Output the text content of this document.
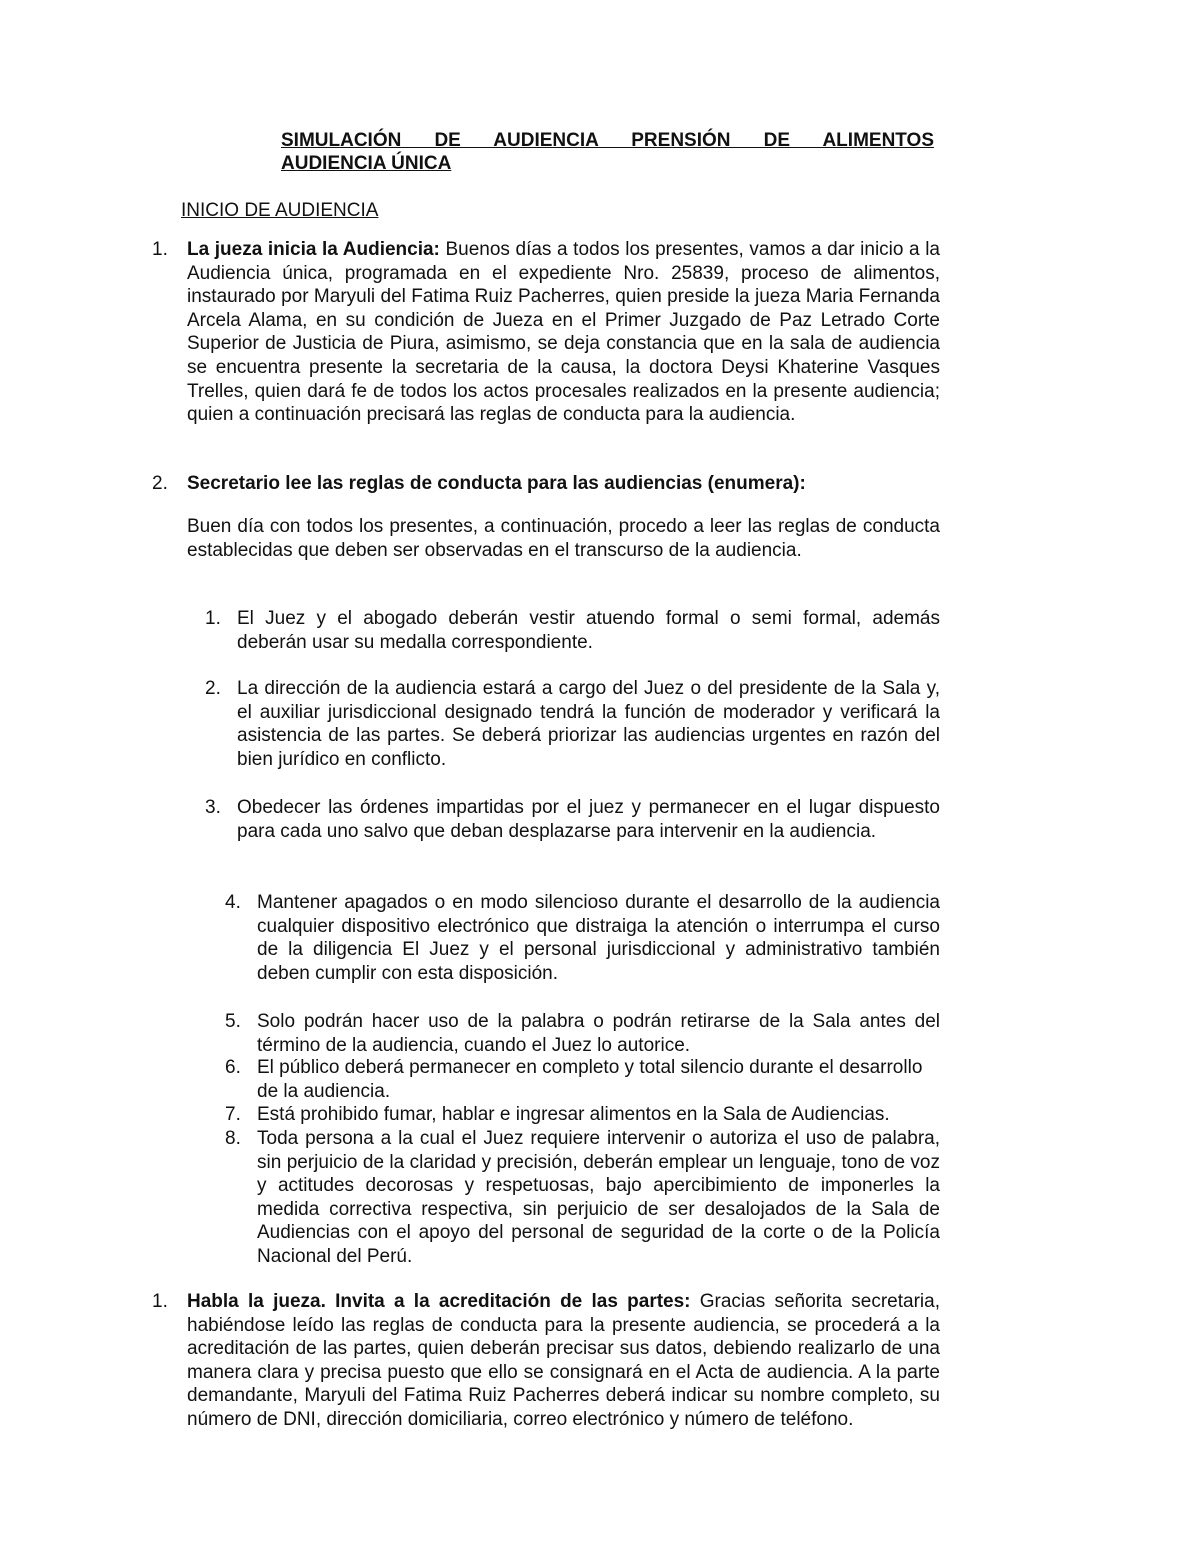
SIMULACIÓN DE AUDIENCIA PRENSIÓN DE ALIMENTOS
AUDIENCIA ÚNICA

INICIO DE AUDIENCIA

1. La jueza inicia la Audiencia: Buenos días a todos los presentes, vamos a dar inicio a la Audiencia única, programada en el expediente Nro. 25839, proceso de alimentos, instaurado por Maryuli del Fatima Ruiz Pacherres, quien preside la jueza Maria Fernanda Arcela Alama, en su condición de Jueza en el Primer Juzgado de Paz Letrado Corte Superior de Justicia de Piura, asimismo, se deja constancia que en la sala de audiencia se encuentra presente la secretaria de la causa, la doctora Deysi Khaterine Vasques Trelles, quien dará fe de todos los actos procesales realizados en la presente audiencia; quien a continuación precisará las reglas de conducta para la audiencia.

2. Secretario lee las reglas de conducta para las audiencias (enumera):

Buen día con todos los presentes, a continuación, procedo a leer las reglas de conducta establecidas que deben ser observadas en el transcurso de la audiencia.

1. El Juez y el abogado deberán vestir atuendo formal o semi formal, además deberán usar su medalla correspondiente.

2. La dirección de la audiencia estará a cargo del Juez o del presidente de la Sala y, el auxiliar jurisdiccional designado tendrá la función de moderador y verificará la asistencia de las partes. Se deberá priorizar las audiencias urgentes en razón del bien jurídico en conflicto.

3. Obedecer las órdenes impartidas por el juez y permanecer en el lugar dispuesto para cada uno salvo que deban desplazarse para intervenir en la audiencia.

4. Mantener apagados o en modo silencioso durante el desarrollo de la audiencia cualquier dispositivo electrónico que distraiga la atención o interrumpa el curso de la diligencia El Juez y el personal jurisdiccional y administrativo también deben cumplir con esta disposición.

5. Solo podrán hacer uso de la palabra o podrán retirarse de la Sala antes del término de la audiencia, cuando el Juez lo autorice.

6. El público deberá permanecer en completo y total silencio durante el desarrollo de la audiencia.

7. Está prohibido fumar, hablar e ingresar alimentos en la Sala de Audiencias.

8. Toda persona a la cual el Juez requiere intervenir o autoriza el uso de palabra, sin perjuicio de la claridad y precisión, deberán emplear un lenguaje, tono de voz y actitudes decorosas y respetuosas, bajo apercibimiento de imponerles la medida correctiva respectiva, sin perjuicio de ser desalojados de la Sala de Audiencias con el apoyo del personal de seguridad de la corte o de la Policía Nacional del Perú.

1. Habla la jueza. Invita a la acreditación de las partes: Gracias señorita secretaria, habiéndose leído las reglas de conducta para la presente audiencia, se procederá a la acreditación de las partes, quien deberán precisar sus datos, debiendo realizarlo de una manera clara y precisa puesto que ello se consignará en el Acta de audiencia. A la parte demandante, Maryuli del Fatima Ruiz Pacherres deberá indicar su nombre completo, su número de DNI, dirección domiciliaria, correo electrónico y número de teléfono.
